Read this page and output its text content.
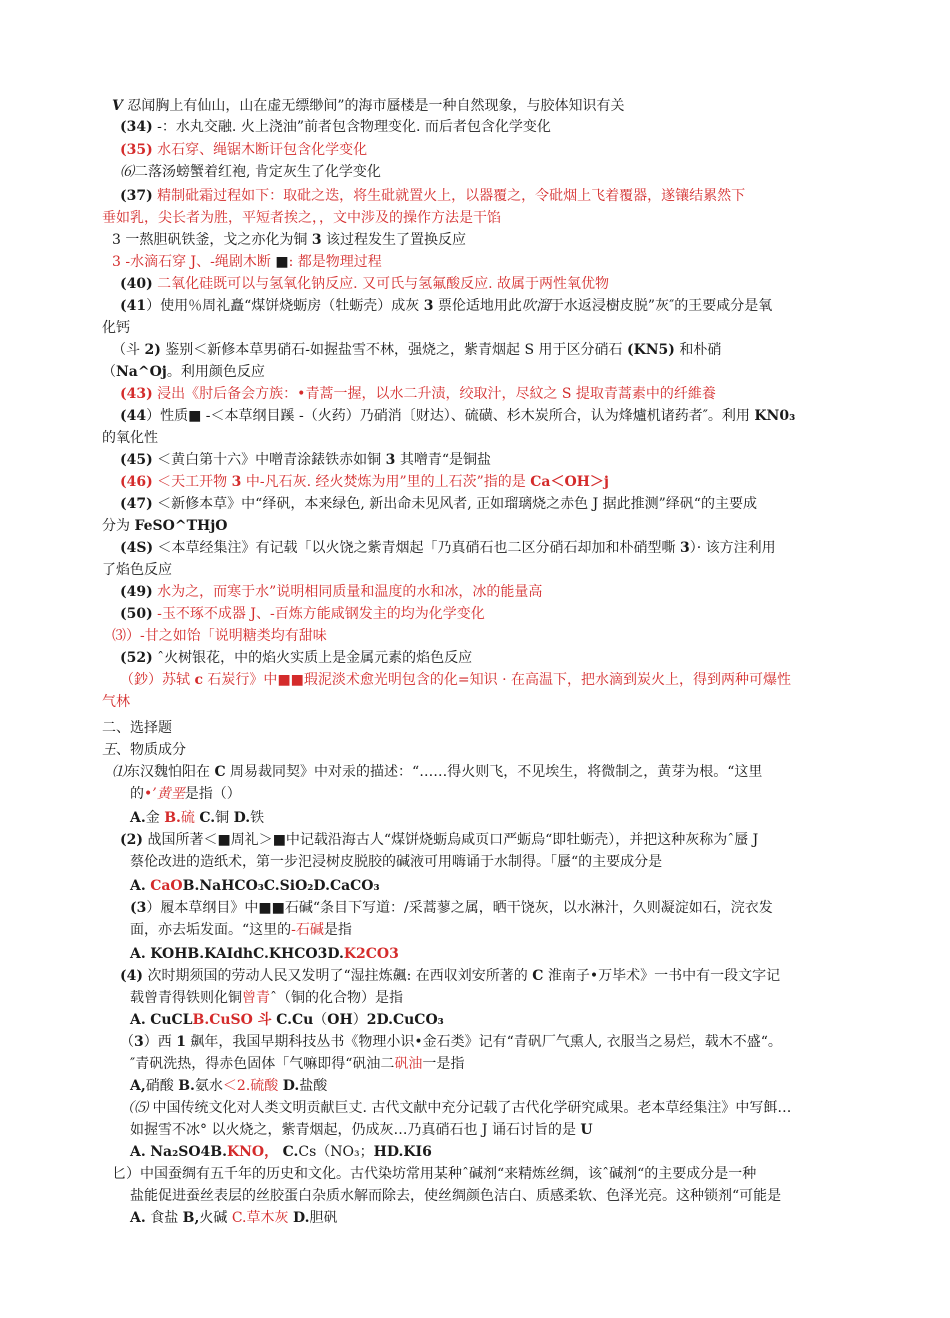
V 忍闻胸上有仙山，山在虚无缥缈间”的海市蜃楼是一种自然现象，与胶体知识有关
(34) -：水丸交融. 火上浇油”前者包含物理变化. 而后者包含化学变化
(35) 水石穿、绳锯木断讦包含化学变化
⑹二落汤螃蟹着红袍, 肯定灰生了化学变化
(37) 精制砒霜过程如下：取砒之迭，将生砒就置火上，以器覆之，令砒烟上飞着覆器，遂镶结累然下
垂如乳，尖长者为胜，平短者挨之，，文中涉及的操作方法是干馅
3 一熬胆矾铁釜，戈之亦化为铜 3 该过程发生了置换反应
3 -水滴石穿 J、-绳剧木断 ■: 都是物理过程
(40) 二氧化硅既可以与氢氧化钠反应. 又可氏与氢氟酸反应. 故属于两性氧优物
(41）使用％周礼矗“煤饼烧蛎房（牡蛎壳）成灰 3 票伦适地用此吹溜于水返浸樹皮脱”灰″的王要咸分是氧
化钙
（斗 2) 鉴别＜新修本草男硝石-如握盐雪不林，强烧之，紫青烟起 S 用于区分硝石 (KN5) 和朴硝
（Na^Oj。利用颜色反应
(43) 浸出《肘后备会方族：•青蒿一握，以水二升渍，绞取汁，尽紋之 S 提取青蒿素中的纤維養
(44）性质■ -＜本草纲目蹊 -（火药）乃硝消〔财达）、硫磺、杉木炭所合，认为烽爐机诸药者″。利用 KN0₃
的氧化性
(45) ＜黄白第十六》中噌青涂錶铁赤如铜 3 其噌青“是铜盐
(46) ＜天工开物 3 中-凡石灰. 经火焚炼为用”里的丄石茨”指的是 Ca＜OH＞j
(47) ＜新修本草》中“绎矾，本来绿色, 新出命未见风者, 正如瑠璃烧之赤色 J 据此推测”绎矾“的主要成
分为 FeSO^THjO
(4S) ＜本草经集注》有记载「以火饶之紫青烟起「乃真硝石也二区分硝石却加和朴硝型嘶 3）· 该方注利用
了焰色反应
(49) 水为之，而寒于水”说明相同质量和温度的水和冰，冰的能量高
(50) -玉不琢不成器 J、-百炼方能咸钢发主的均为化学变化
⑶）-甘之如饴「说明糖类均有甜味
(52) ˆ火树银花，中的焰火实质上是金属元素的焰色反应
（鈔）苏轼 c 石炭行》中■■瑕泥淡术愈光明包含的化=知识 · 在高温下，把水滴到炭火上，得到两种可爆性
气林
二、选择题
王、物质成分
⑴东汉魏怕阳在 C 周易裁同契》中对汞的描述：“……得火则飞，不见埃生，将微制之，黄芽为根。“这里
的•’黄垩是指（）
A.金 B.硫 C.铜 D.铁
(2) 战国所著＜■周礼＞■中记载沿海古人“煤饼烧蛎烏咸页口严蛎烏“即牡蛎壳），并把这种灰称为ˆ蜃 J
蔡伦改进的造纸术，第一步汜浸树皮脱胶的碱液可用嗨诵于水制得。「蜃“的主要成分是
A. CaOB.NaHCO₃C.SiO₂D.CaCO₃
(3）履本草纲目》中■■石碱“条目下写道：/采蒿蓼之属，晒干饶灰，以水淋汁，久则凝淀如石，浣衣发
面，亦去垢发面。“这里的-石碱是指
A. KOHB.KAIdhC.KHCO3D.K2CO3
(4) 次时期须国的劳动人民又发明了“湿拄炼飆: 在西収刘安所著的 C 淮南子•万毕术》一书中有一段文字记
载曾青得铁则化铜曾青ˆ（铜的化合物）是指
A. CuCLB.CuSO 斗 C.Cu（OH）2D.CuCO₃
（3）西 1 飙年，我国早期科技丛书《物理小识•金石类》记有“青矾厂气熏人, 衣服当之易烂，载木不盛“。
″青矾洗热，得赤色固体「气嘛即得“矾油二矾油一是指
A,硝酸 B.氨水＜2.硫酸 D.盐酸
（⑸ 中国传统文化对人类文明贡献巨丈. 古代文献中充分记载了古代化学研究咸果。老本草经集注》中写餌…
如握雪不冰° 以火烧之，紫青烟起，仍成灰…乃真硝石也 J 诵石讨旨的是 U
A. Na₂SO4B.KNO， C.Cs（NO₃；HD.KI6
匕）中国蚕绸有五千年的历史和文化。古代染坊常用某种ˆ碱剂“来精炼丝绸，该ˆ碱剂“的主要成分是一种
盐能促进蚕丝表层的丝胶蛋白杂质水解而除去，使丝绸颜色洁白、质感柔软、色泽光亮。这种锁剂“可能是
A. 食盐 B,火碱 C.草木灰 D.胆矾
